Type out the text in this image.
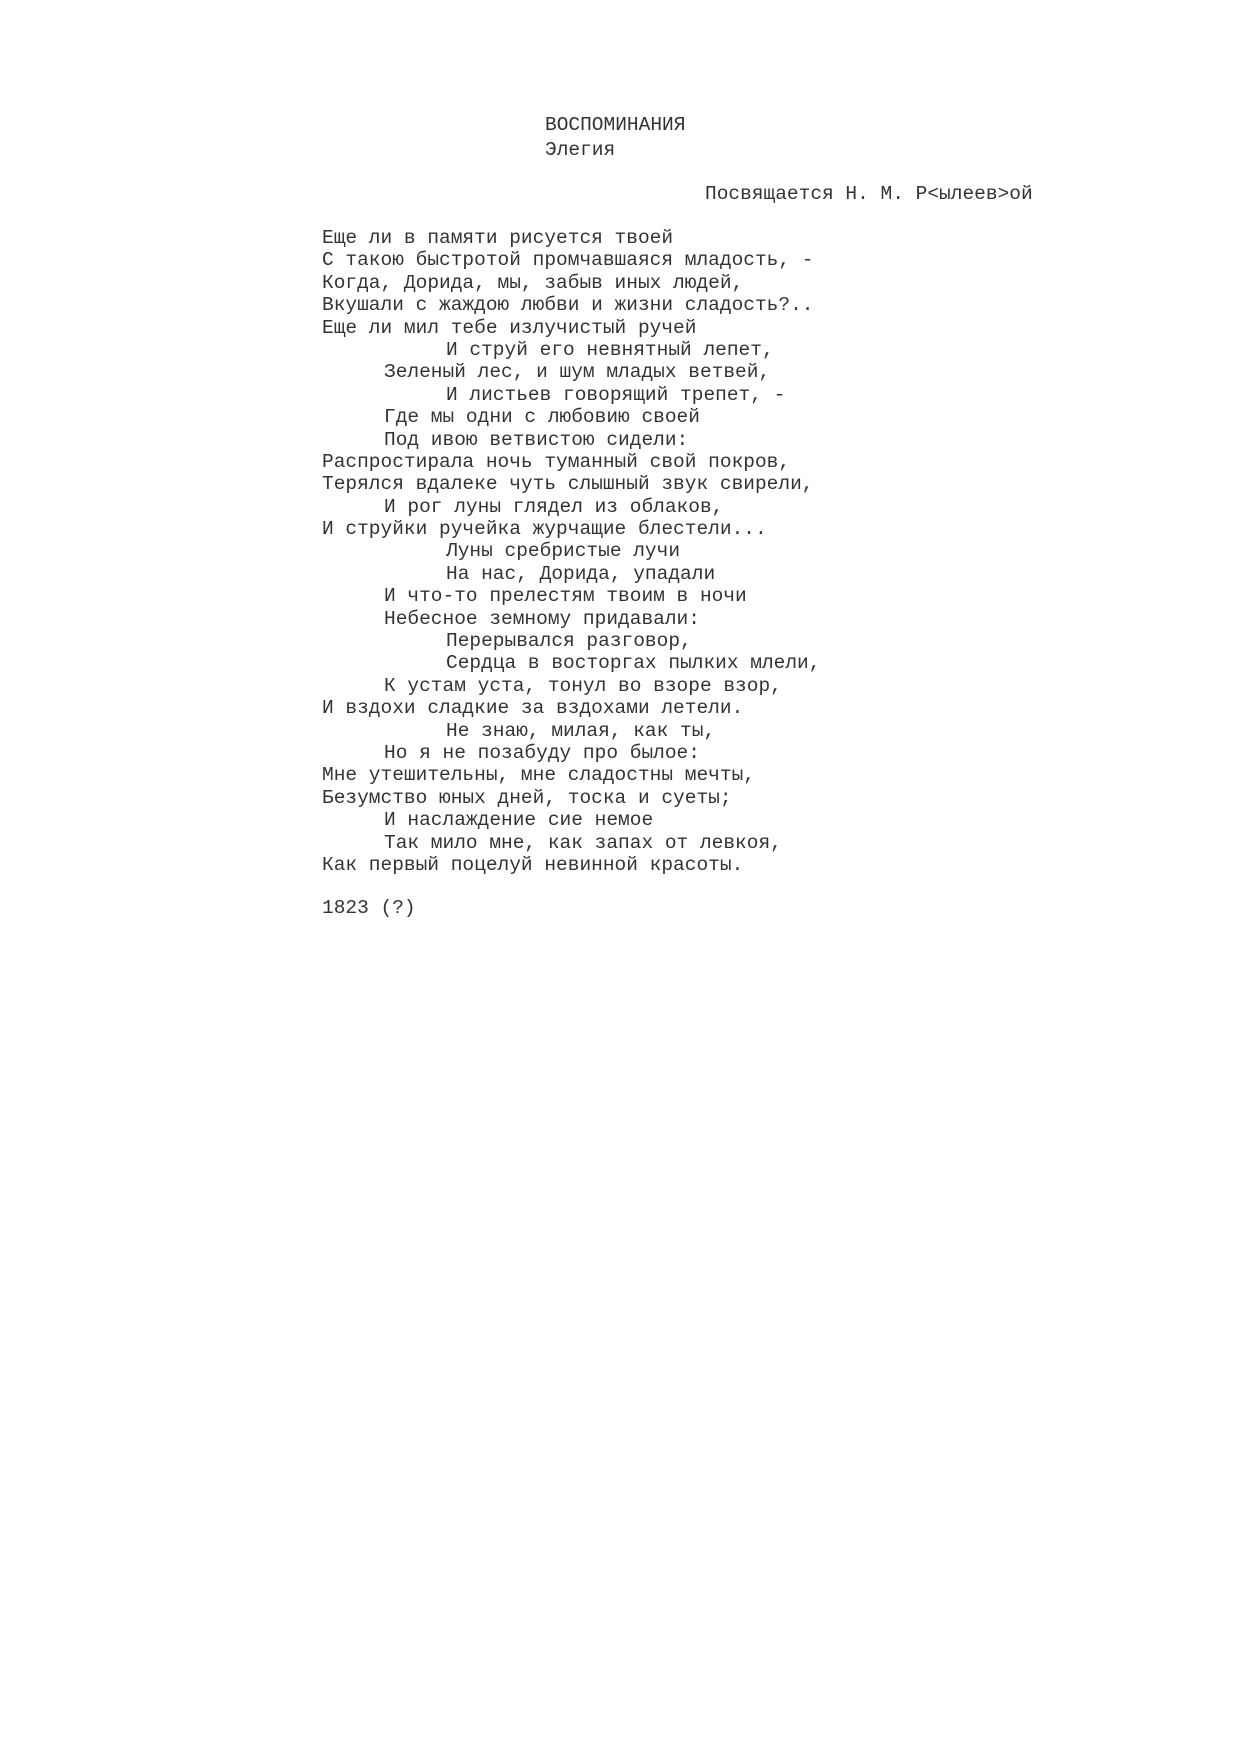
ВОСПОМИНАНИЯ
Элегия
Посвящается Н. М. Р<ылеев>ой
Еще ли в памяти рисуется твоей
С такою быстротой промчавшаяся младость, -
Когда, Дорида, мы, забыв иных людей,
Вкушали с жаждою любви и жизни сладость?..
Еще ли мил тебе излучистый ручей
И струй его невнятный лепет,
Зеленый лес, и шум младых ветвей,
И листьев говорящий трепет, -
Где мы одни с любовию своей
Под ивою ветвистою сидели:
Распростирала ночь туманный свой покров,
Терялся вдалеке чуть слышный звук свирели,
И рог луны глядел из облаков,
И струйки ручейка журчащие блестели...
Луны сребристые лучи
На нас, Дорида, упадали
И что-то прелестям твоим в ночи
Небесное земному придавали:
Перерывался разговор,
Сердца в восторгах пылких млели,
К устам уста, тонул во взоре взор,
И вздохи сладкие за вздохами летели.
Не знаю, милая, как ты,
Но я не позабуду про былое:
Мне утешительны, мне сладостны мечты,
Безумство юных дней, тоска и суеты;
И наслаждение сие немое
Так мило мне, как запах от левкоя,
Как первый поцелуй невинной красоты.
1823 (?)
